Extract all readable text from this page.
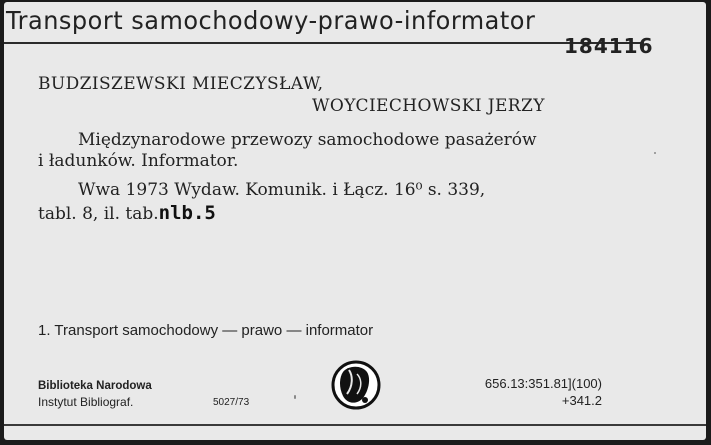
Transport samochodowy-prawo-informator
184116
BUDZISZEWSKI MIECZYSŁAW,
WOYCIECHOWSKI JERZY
Międzynarodowe przewozy samochodowe pasażerów
i ładunków. Informator.
Wwa 1973 Wydaw. Komunik. i Łącz. 16⁰ s. 339,
tabl. 8, il. tab.nlb.5
1. Transport samochodowy — prawo — informator
Biblioteka Narodowa
Instytut Bibliograf.	5027/73
656.13:351.81](100)
+341.2
